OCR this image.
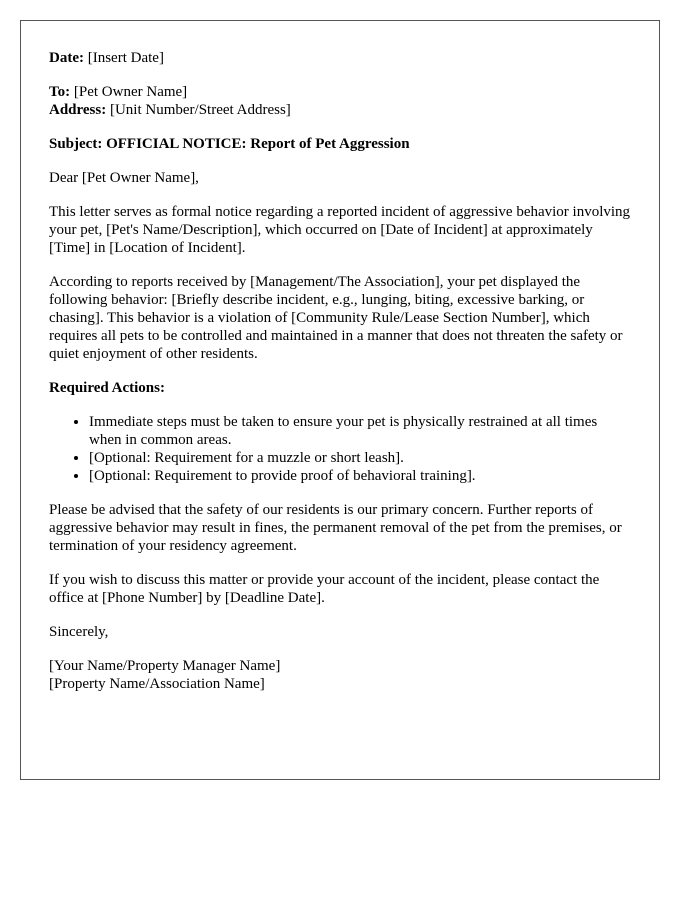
Date: [Insert Date]

To: [Pet Owner Name]
Address: [Unit Number/Street Address]

Subject: OFFICIAL NOTICE: Report of Pet Aggression

Dear [Pet Owner Name],

This letter serves as formal notice regarding a reported incident of aggressive behavior involving your pet, [Pet's Name/Description], which occurred on [Date of Incident] at approximately [Time] in [Location of Incident].

According to reports received by [Management/The Association], your pet displayed the following behavior: [Briefly describe incident, e.g., lunging, biting, excessive barking, or chasing]. This behavior is a violation of [Community Rule/Lease Section Number], which requires all pets to be controlled and maintained in a manner that does not threaten the safety or quiet enjoyment of other residents.

Required Actions:

• Immediate steps must be taken to ensure your pet is physically restrained at all times when in common areas.
• [Optional: Requirement for a muzzle or short leash].
• [Optional: Requirement to provide proof of behavioral training].

Please be advised that the safety of our residents is our primary concern. Further reports of aggressive behavior may result in fines, the permanent removal of the pet from the premises, or termination of your residency agreement.

If you wish to discuss this matter or provide your account of the incident, please contact the office at [Phone Number] by [Deadline Date].

Sincerely,

[Your Name/Property Manager Name]
[Property Name/Association Name]
